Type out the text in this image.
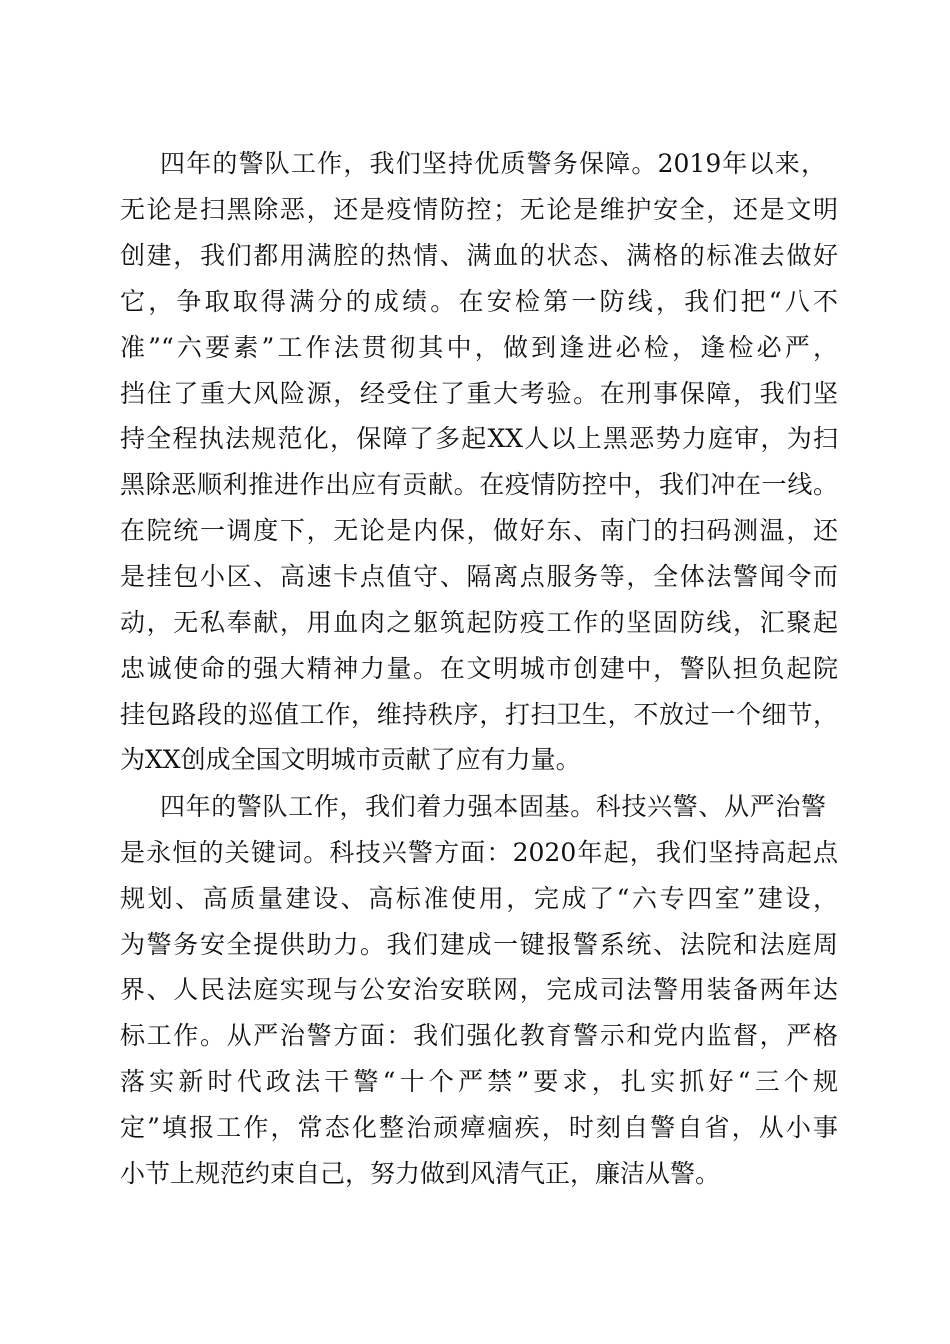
四年的警队工作，我们坚持优质警务保障。2019年以来，
无论是扫黑除恶，还是疫情防控；无论是维护安全，还是文明
创建，我们都用满腔的热情、满血的状态、满格的标准去做好
它，争取取得满分的成绩。在安检第一防线，我们把“八不
准”“六要素”工作法贯彻其中，做到逢进必检，逢检必严，
挡住了重大风险源，经受住了重大考验。在刑事保障，我们坚
持全程执法规范化，保障了多起XX人以上黑恶势力庭审，为扫
黑除恶顺利推进作出应有贡献。在疫情防控中，我们冲在一线。
在院统一调度下，无论是内保，做好东、南门的扫码测温，还
是挂包小区、高速卡点值守、隔离点服务等，全体法警闻令而
动，无私奉献，用血肉之躯筑起防疫工作的坚固防线，汇聚起
忠诚使命的强大精神力量。在文明城市创建中，警队担负起院
挂包路段的巡值工作，维持秩序，打扫卫生，不放过一个细节，
为XX创成全国文明城市贡献了应有力量。
四年的警队工作，我们着力强本固基。科技兴警、从严治警
是永恒的关键词。科技兴警方面：2020年起，我们坚持高起点
规划、高质量建设、高标准使用，完成了“六专四室”建设，
为警务安全提供助力。我们建成一键报警系统、法院和法庭周
界、人民法庭实现与公安治安联网，完成司法警用装备两年达
标工作。从严治警方面：我们强化教育警示和党内监督，严格
落实新时代政法干警“十个严禁”要求，扎实抓好“三个规
定”填报工作，常态化整治顽瘴痼疾，时刻自警自省，从小事
小节上规范约束自己，努力做到风清气正，廉洁从警。
